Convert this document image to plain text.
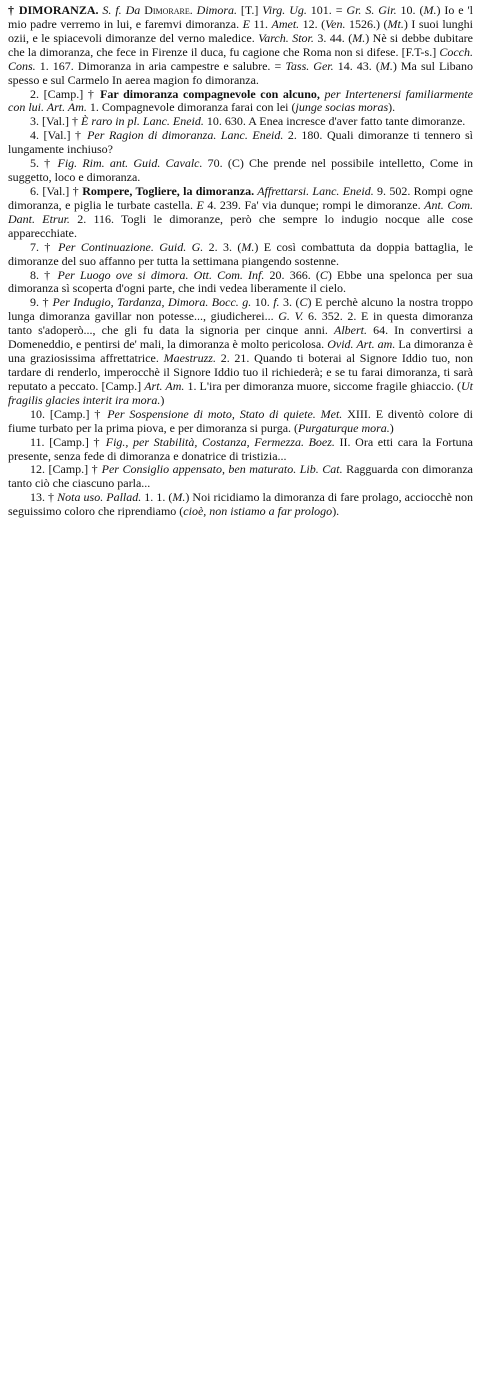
† DIMORANZA. S. f. Da Dimorare. Dimora. [T.] Virg. Ug. 101. = Gr. S. Gir. 10. (M.) Io e 'l mio padre verremo in lui, e faremvi dimoranza. E 11. Amet. 12. (Ven. 1526.) (Mt.) I suoi lunghi ozii, e le spiacevoli dimoranze del verno maledice. Varch. Stor. 3. 44. (M.) Nè si debbe dubitare che la dimoranza, che fece in Firenze il duca, fu cagione che Roma non si difese. [F.T-s.] Cocch. Cons. 1. 167. Dimoranza in aria campestre e salubre. = Tass. Ger. 14. 43. (M.) Ma sul Libano spesso e sul Carmelo In aerea magion fo dimoranza.

2. [Camp.] † Far dimoranza compagnevole con alcuno, per Intertenersi familiarmente con lui. Art. Am. 1. Compagnevole dimoranza farai con lei (junge socias moras).

3. [Val.] † È raro in pl. Lanc. Eneid. 10. 630. A Enea incresce d'aver fatto tante dimoranze.

4. [Val.] † Per Ragion di dimoranza. Lanc. Eneid. 2. 180. Quali dimoranze ti tennero sì lungamente inchiuso?

5. † Fig. Rim. ant. Guid. Cavalc. 70. (C) Che prende nel possibile intelletto, Come in suggetto, loco e dimoranza.

6. [Val.] † Rompere, Togliere, la dimoranza. Affrettarsi. Lanc. Eneid. 9. 502. Rompi ogne dimoranza, e piglia le turbate castella. E 4. 239. Fa' via dunque; rompi le dimoranze. Ant. Com. Dant. Etrur. 2. 116. Togli le dimoranze, però che sempre lo indugio nocque alle cose apparecchiate.

7. † Per Continuazione. Guid. G. 2. 3. (M.) E così combattuta da doppia battaglia, le dimoranze del suo affanno per tutta la settimana piangendo sostenne.

8. † Per Luogo ove si dimora. Ott. Com. Inf. 20. 366. (C) Ebbe una spelonca per sua dimoranza sì scoperta d'ogni parte, che indi vedea liberamente il cielo.

9. † Per Indugio, Tardanza, Dimora. Bocc. g. 10. f. 3. (C) E perchè alcuno la nostra troppo lunga dimoranza gavillar non potesse..., giudicherei... G. V. 6. 352. 2. E in questa dimoranza tanto s'adoperò..., che gli fu data la signoria per cinque anni. Albert. 64. In convertirsi a Domeneddio, e pentirsi de' mali, la dimoranza è molto pericolosa. Ovid. Art. am. La dimoranza è una graziosissima affrettatrice. Maestruzz. 2. 21. Quando ti boterai al Signore Iddio tuo, non tardare di renderlo, imperocchè il Signore Iddio tuo il richiederà; e se tu farai dimoranza, ti sarà reputato a peccato. [Camp.] Art. Am. 1. L'ira per dimoranza muore, siccome fragile ghiaccio. (Ut fragilis glacies interit ira mora.)

10. [Camp.] † Per Sospensione di moto, Stato di quiete. Met. XIII. E diventò colore di fiume turbato per la prima piova, e per dimoranza si purga. (Purgaturque mora.)

11. [Camp.] † Fig., per Stabilità, Costanza, Fermezza. Boez. II. Ora etti cara la Fortuna presente, senza fede di dimoranza e donatrice di tristizia...

12. [Camp.] † Per Consiglio appensato, ben maturato. Lib. Cat. Ragguarda con dimoranza tanto ciò che ciascuno parla...

13. † Nota uso. Pallad. 1. 1. (M.) Noi ricidiamo la dimoranza di fare prolago, acciocchè non seguissimo coloro che riprendiamo (cioè, non istiamo a far prologo).
